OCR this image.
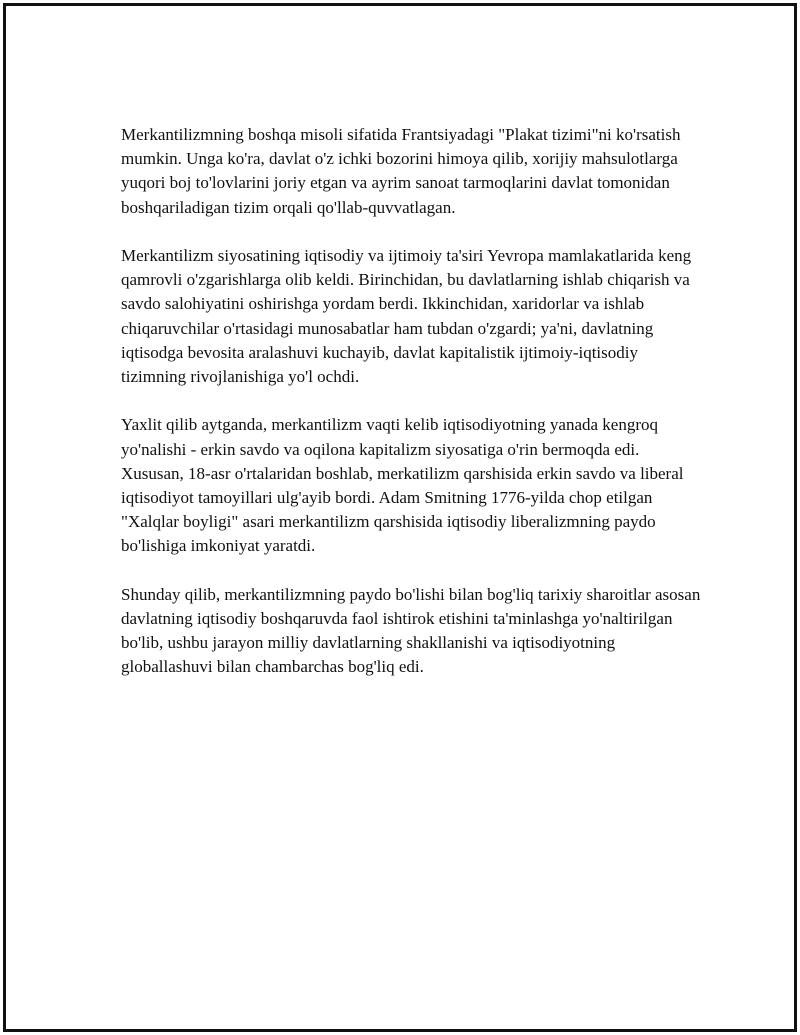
Merkantilizmning boshqa misoli sifatida Frantsiyadagi "Plakat tizimi"ni ko'rsatish mumkin. Unga ko'ra, davlat o'z ichki bozorini himoya qilib, xorijiy mahsulotlarga yuqori boj to'lovlarini joriy etgan va ayrim sanoat tarmoqlarini davlat tomonidan boshqariladigan tizim orqali qo'llab-quvvatlagan.

Merkantilizm siyosatining iqtisodiy va ijtimoiy ta'siri Yevropa mamlakatlarida keng qamrovli o'zgarishlarga olib keldi. Birinchidan, bu davlatlarning ishlab chiqarish va savdo salohiyatini oshirishga yordam berdi. Ikkinchidan, xaridorlar va ishlab chiqaruvchilar o'rtasidagi munosabatlar ham tubdan o'zgardi; ya'ni, davlatning iqtisodga bevosita aralashuvi kuchayib, davlat kapitalistik ijtimoiy-iqtisodiy tizimning rivojlanishiga yo'l ochdi.

Yaxlit qilib aytganda, merkantilizm vaqti kelib iqtisodiyotning yanada kengroq yo'nalishi - erkin savdo va oqilona kapitalizm siyosatiga o'rin bermoqda edi. Xususan, 18-asr o'rtalaridan boshlab, merkatilizm qarshisida erkin savdo va liberal iqtisodiyot tamoyillari ulg'ayib bordi. Adam Smitning 1776-yilda chop etilgan "Xalqlar boyligi" asari merkantilizm qarshisida iqtisodiy liberalizmning paydo bo'lishiga imkoniyat yaratdi.

Shunday qilib, merkantilizmning paydo bo'lishi bilan bog'liq tarixiy sharoitlar asosan davlatning iqtisodiy boshqaruvda faol ishtirok etishini ta'minlashga yo'naltirilgan bo'lib, ushbu jarayon milliy davlatlarning shakllanishi va iqtisodiyotning globallashuvi bilan chambarchas bog'liq edi.
